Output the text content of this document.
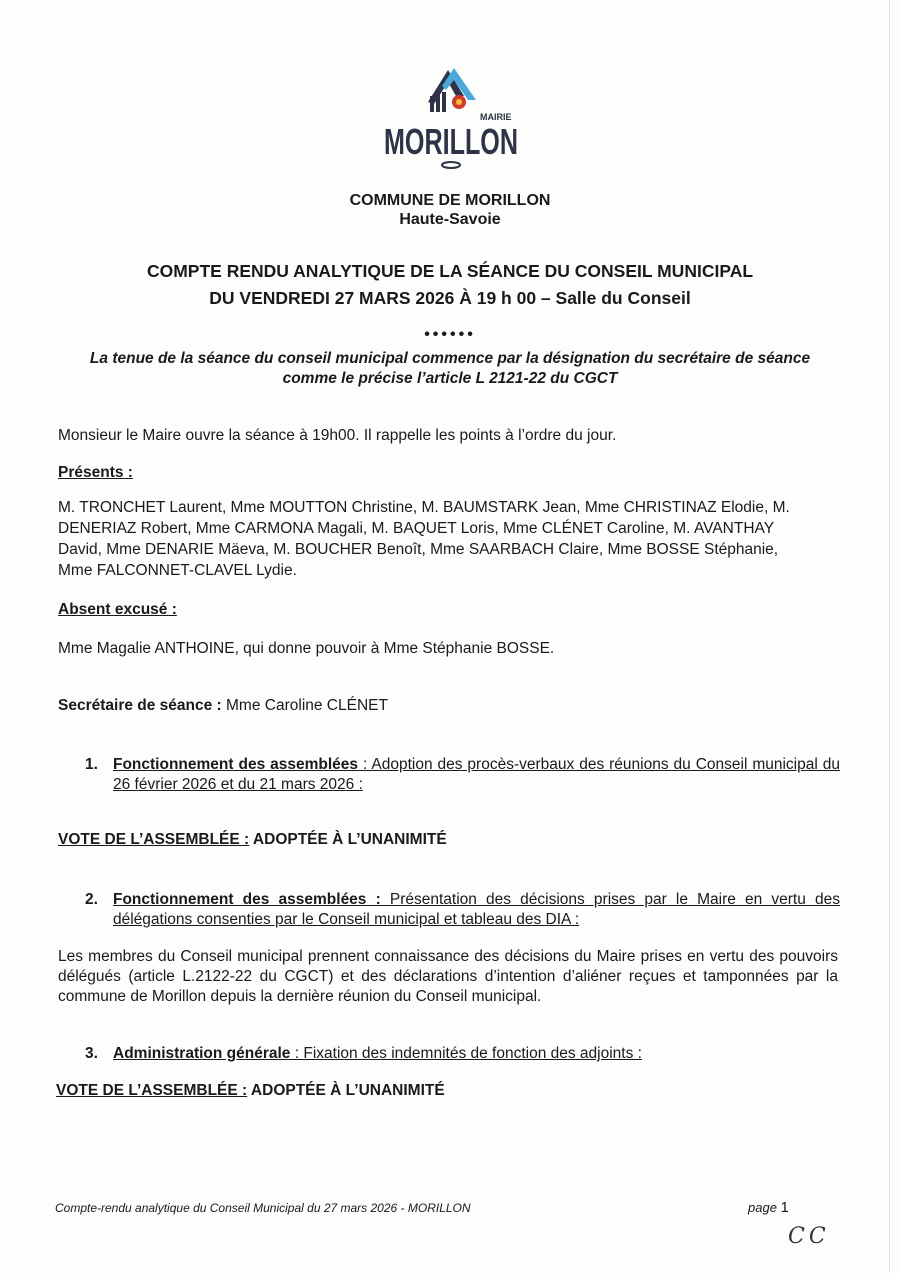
MAIRIE
MORILLON
COMMUNE DE MORILLON
Haute-Savoie
COMPTE RENDU ANALYTIQUE DE LA SÉANCE DU CONSEIL MUNICIPAL
DU VENDREDI 27 MARS 2026 À 19 h 00 – Salle du Conseil
••••••
La tenue de la séance du conseil municipal commence par la désignation du secrétaire de séance
comme le précise l’article L 2121-22 du CGCT
Monsieur le Maire ouvre la séance à 19h00. Il rappelle les points à l’ordre du jour.
Présents :
M. TRONCHET Laurent, Mme MOUTTON Christine, M. BAUMSTARK Jean, Mme CHRISTINAZ Elodie, M.
DENERIAZ Robert, Mme CARMONA Magali, M. BAQUET Loris, Mme CLÉNET Caroline, M. AVANTHAY
David, Mme DENARIE Mäeva, M. BOUCHER Benoît, Mme SAARBACH Claire, Mme BOSSE Stéphanie,
Mme FALCONNET-CLAVEL Lydie.
Absent excusé :
Mme Magalie ANTHOINE, qui donne pouvoir à Mme Stéphanie BOSSE.
Secrétaire de séance : Mme Caroline CLÉNET
1. Fonctionnement des assemblées : Adoption des procès-verbaux des réunions du Conseil municipal du 26 février 2026 et du 21 mars 2026 :
VOTE DE L’ASSEMBLÉE : ADOPTÉE À L’UNANIMITÉ
2. Fonctionnement des assemblées : Présentation des décisions prises par le Maire en vertu des délégations consenties par le Conseil municipal et tableau des DIA :
Les membres du Conseil municipal prennent connaissance des décisions du Maire prises en vertu des pouvoirs délégués (article L.2122-22 du CGCT) et des déclarations d’intention d’aliéner reçues et tamponnées par la commune de Morillon depuis la dernière réunion du Conseil municipal.
3. Administration générale : Fixation des indemnités de fonction des adjoints :
VOTE DE L’ASSEMBLÉE : ADOPTÉE À L’UNANIMITÉ
Compte-rendu analytique du Conseil Municipal du 27 mars 2026 - MORILLON	page 1
CC
